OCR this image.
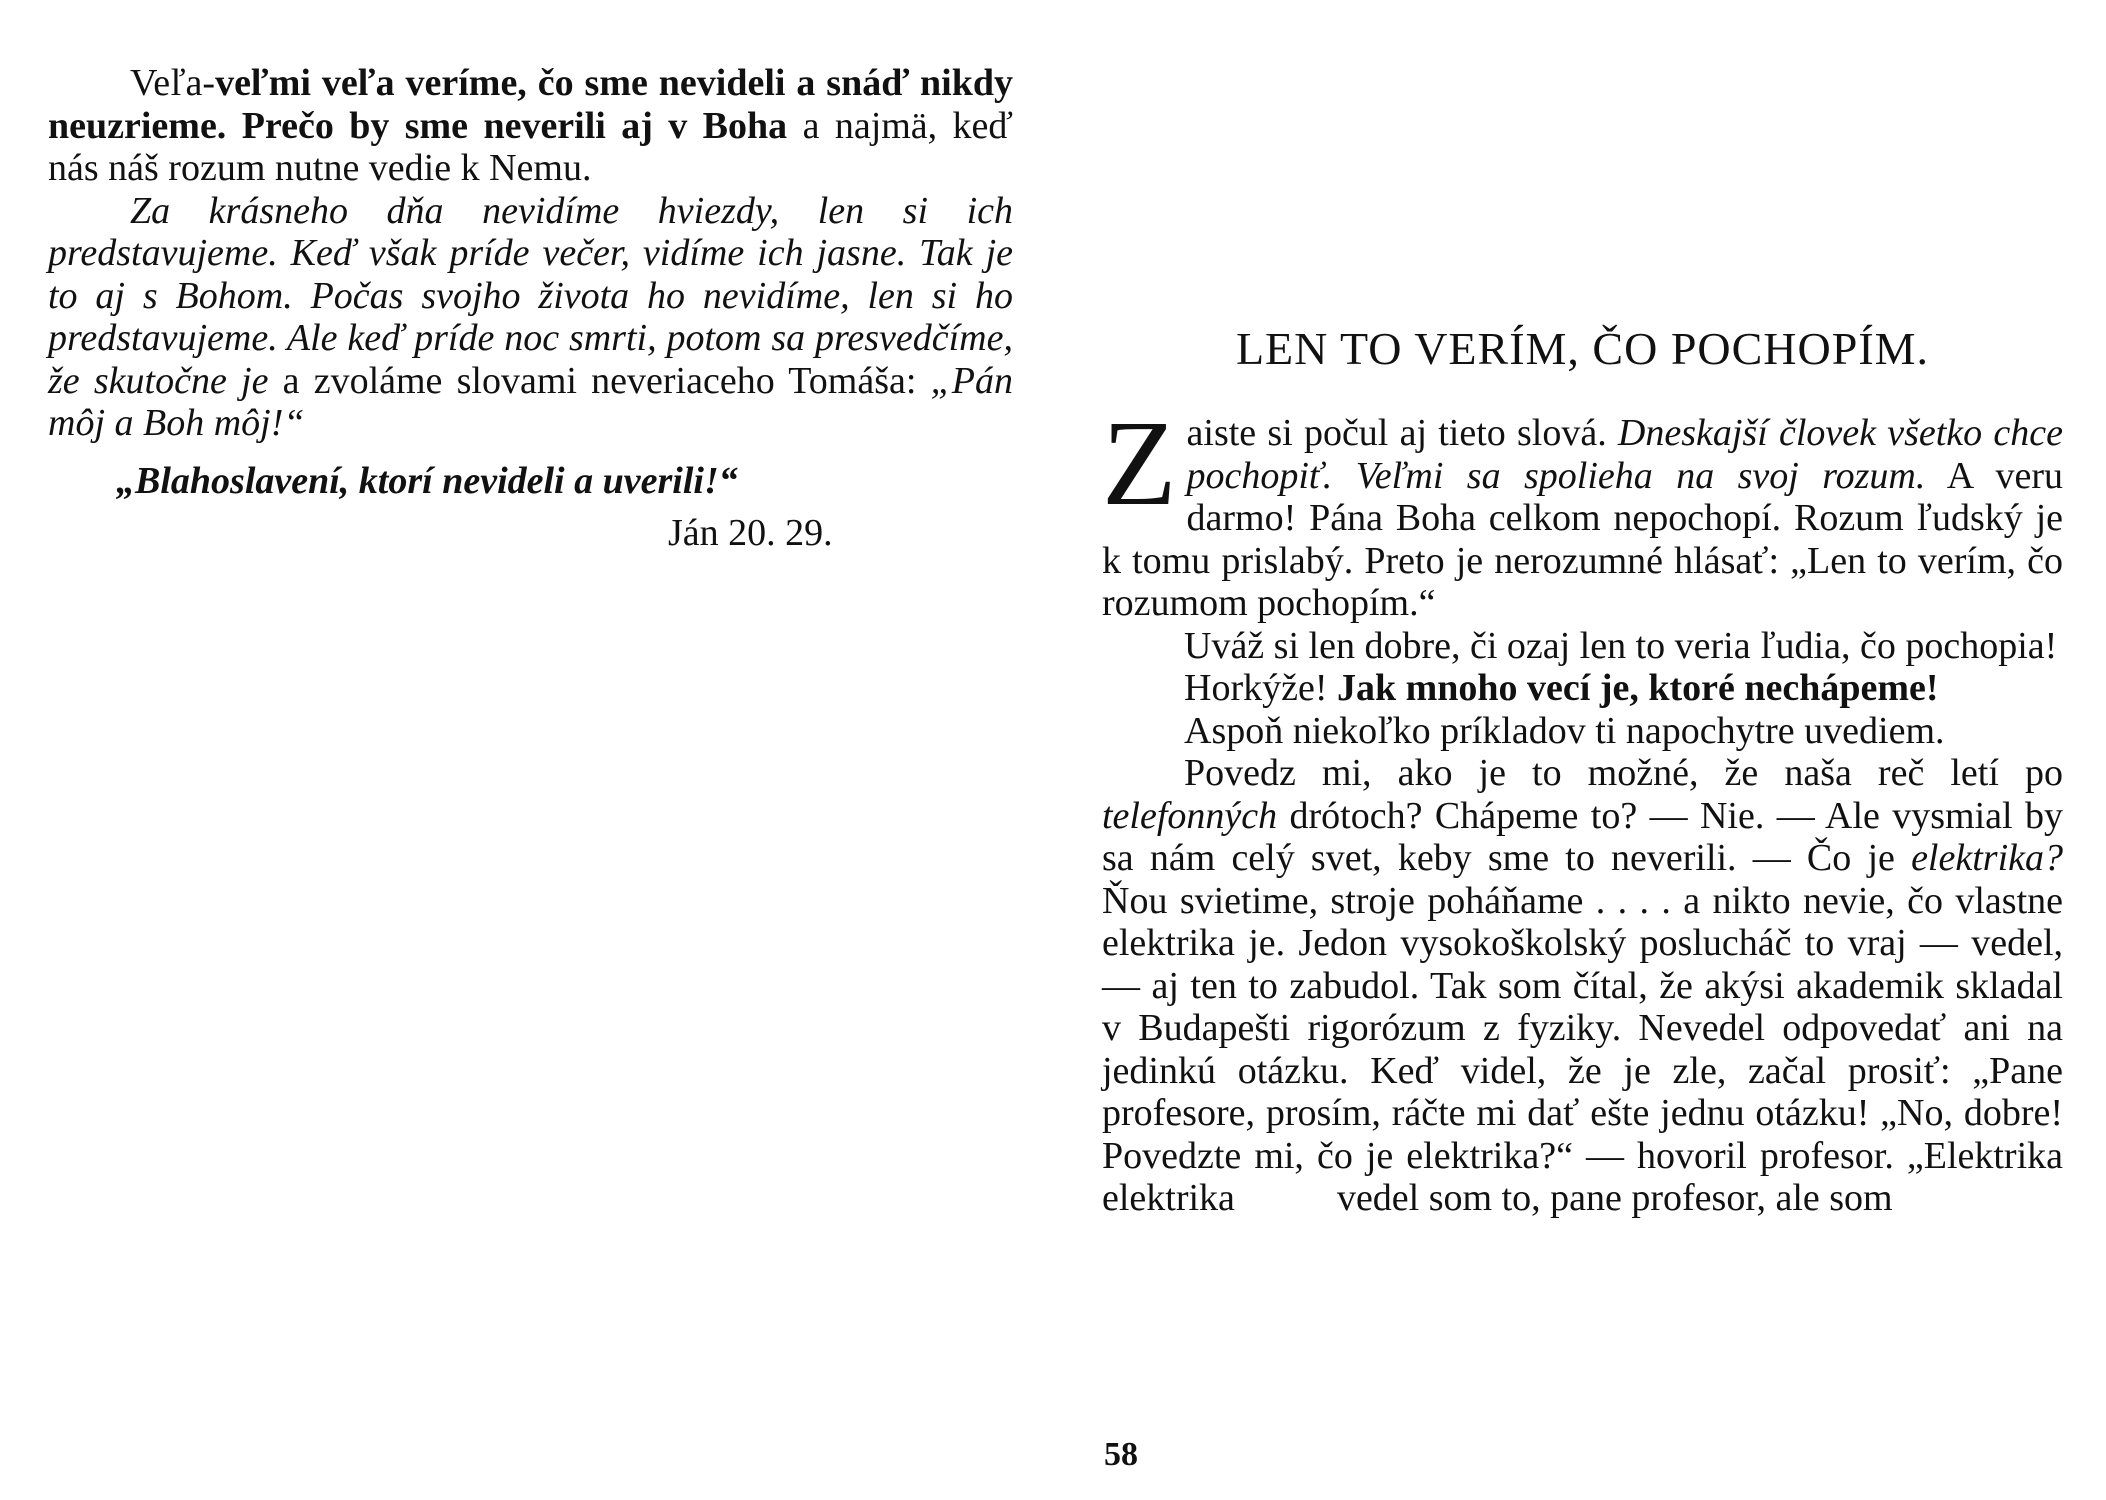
Veľa-veľmi veľa veríme, čo sme nevideli a snáď nikdy neuzrieme. Prečo by sme neverili aj v Boha a najmä, keď nás náš rozum nutne vedie k Nemu.

Za krásneho dňa nevidíme hviezdy, len si ich predstavujeme. Keď však príde večer, vidíme ich jasne. Tak je to aj s Bohom. Počas svojho života ho nevidíme, len si ho predstavujeme. Ale keď príde noc smrti, potom sa presvedčíme, že skutočne je a zvoláme slovami neveriaceho Tomáša: „Pán môj a Boh môj!“

„Blahoslavení, ktorí nevideli a uverili!“
Ján 20. 29.
LEN TO VERÍM, ČO POCHOPÍM.

Zaiste si počul aj tieto slová. Dneskajší človek všetko chce pochopiť. Veľmi sa spolieha na svoj rozum. A veru darmo! Pána Boha celkom nepochopí. Rozum ľudský je k tomu prislabý. Preto je nerozumné hlásať: „Len to verím, čo rozumom pochopím.“

Uváž si len dobre, či ozaj len to veria ľudia, čo pochopia!

Horkýže! Jak mnoho vecí je, ktoré nechápeme!

Aspoň niekoľko príkladov ti napochytre uvediem.

Povedz mi, ako je to možné, že naša reč letí po telefonných drótoch? Chápeme to? — Nie. — Ale vysmial by sa nám celý svet, keby sme to neverili. — Čo je elektrika? Ňou svietime, stroje poháňame . . . . a nikto nevie, čo vlastne elektrika je. Jedon vysokoškolský poslucháč to vraj — vedel, — aj ten to zabudol. Tak som čítal, že akýsi akademik skladal v Budapešti rigorózum z fyziky. Nevedel odpovedať ani na jedinkú otázku. Keď videl, že je zle, začal prosiť: „Pane profesore, prosím, ráčte mi dať ešte jednu otázku! „No, dobre! Povedzte mi, čo je elektrika?“ — hovoril profesor. „Elektrika elektrika	vedel som to, pane profesor, ale som

58
